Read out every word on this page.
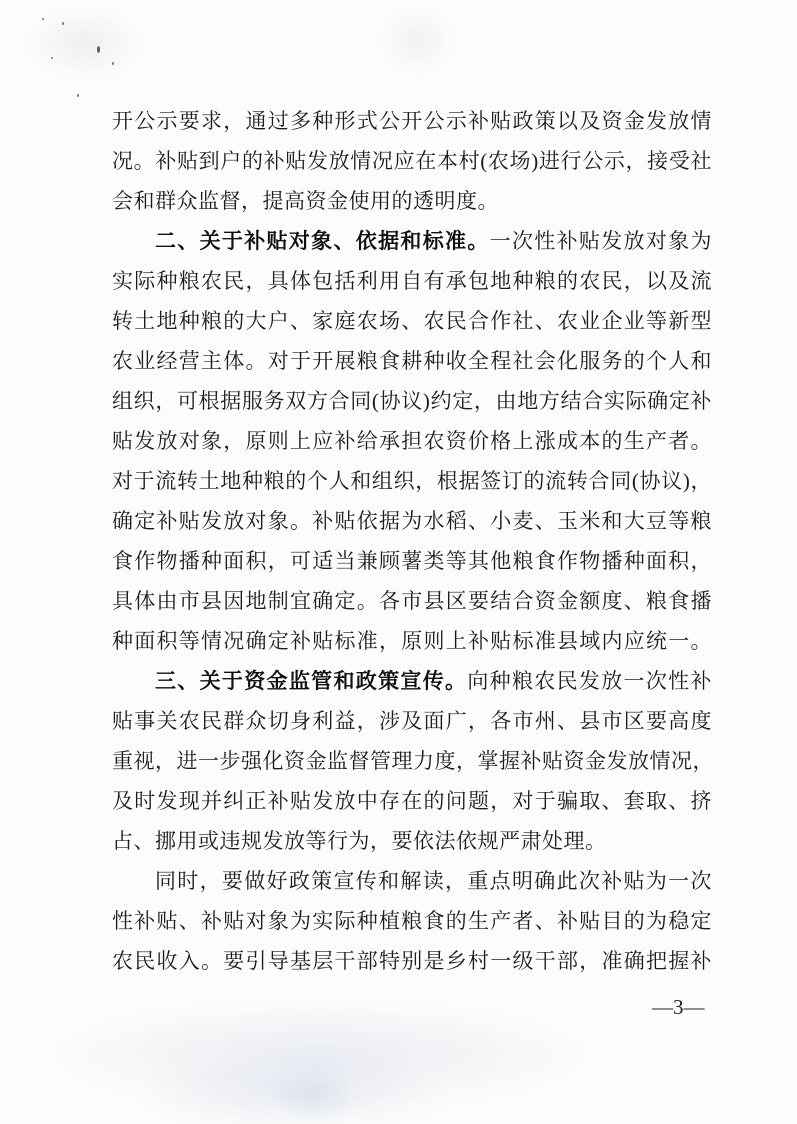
开公示要求，通过多种形式公开公示补贴政策以及资金发放情
况。补贴到户的补贴发放情况应在本村(农场)进行公示，接受社
会和群众监督，提高资金使用的透明度。
二、关于补贴对象、依据和标准。一次性补贴发放对象为
实际种粮农民，具体包括利用自有承包地种粮的农民，以及流
转土地种粮的大户、家庭农场、农民合作社、农业企业等新型
农业经营主体。对于开展粮食耕种收全程社会化服务的个人和
组织，可根据服务双方合同(协议)约定，由地方结合实际确定补
贴发放对象，原则上应补给承担农资价格上涨成本的生产者。
对于流转土地种粮的个人和组织，根据签订的流转合同(协议)，
确定补贴发放对象。补贴依据为水稻、小麦、玉米和大豆等粮
食作物播种面积，可适当兼顾薯类等其他粮食作物播种面积，
具体由市县因地制宜确定。各市县区要结合资金额度、粮食播
种面积等情况确定补贴标准，原则上补贴标准县域内应统一。
三、关于资金监管和政策宣传。向种粮农民发放一次性补
贴事关农民群众切身利益，涉及面广，各市州、县市区要高度
重视，进一步强化资金监督管理力度，掌握补贴资金发放情况，
及时发现并纠正补贴发放中存在的问题，对于骗取、套取、挤
占、挪用或违规发放等行为，要依法依规严肃处理。
同时，要做好政策宣传和解读，重点明确此次补贴为一次
性补贴、补贴对象为实际种植粮食的生产者、补贴目的为稳定
农民收入。要引导基层干部特别是乡村一级干部，准确把握补
—3—
